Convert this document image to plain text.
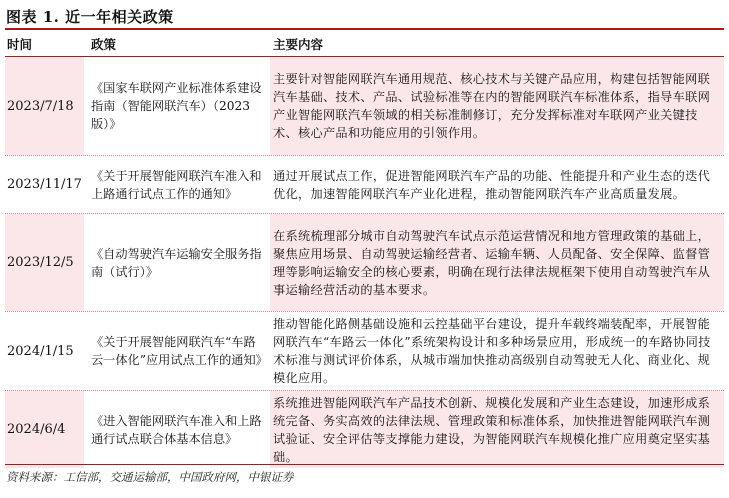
图表 1. 近一年相关政策
时间	政策	主要内容
2023/7/18
《国家车联网产业标准体系建设指南（智能网联汽车）（2023 版）》
主要针对智能网联汽车通用规范、核心技术与关键产品应用，构建包括智能网联汽车基础、技术、产品、试验标准等在内的智能网联汽车标准体系，指导车联网产业智能网联汽车领域的相关标准制修订，充分发挥标准对车联网产业关键技术、核心产品和功能应用的引领作用。
2023/11/17
《关于开展智能网联汽车准入和上路通行试点工作的通知》
通过开展试点工作，促进智能网联汽车产品的功能、性能提升和产业生态的迭代优化，加速智能网联汽车产业化进程，推动智能网联汽车产业高质量发展。
2023/12/5
《自动驾驶汽车运输安全服务指南（试行）》
在系统梳理部分城市自动驾驶汽车试点示范运营情况和地方管理政策的基础上，聚焦应用场景、自动驾驶运输经营者、运输车辆、人员配备、安全保障、监督管理等影响运输安全的核心要素，明确在现行法律法规框架下使用自动驾驶汽车从事运输经营活动的基本要求。
2024/1/15
《关于开展智能网联汽车“车路云一体化”应用试点工作的通知》
推动智能化路侧基础设施和云控基础平台建设，提升车载终端装配率，开展智能网联汽车“车路云一体化”系统架构设计和多种场景应用，形成统一的车路协同技术标准与测试评价体系，从城市端加快推动高级别自动驾驶无人化、商业化、规模化应用。
2024/6/4
《进入智能网联汽车准入和上路通行试点联合体基本信息》
系统推进智能网联汽车产品技术创新、规模化发展和产业生态建设，加速形成系统完备、务实高效的法律法规、管理政策和标准体系，加快推进智能网联汽车测试验证、安全评估等支撑能力建设，为智能网联汽车规模化推广应用奠定坚实基础。
资料来源：工信部，交通运输部，中国政府网，中银证券
